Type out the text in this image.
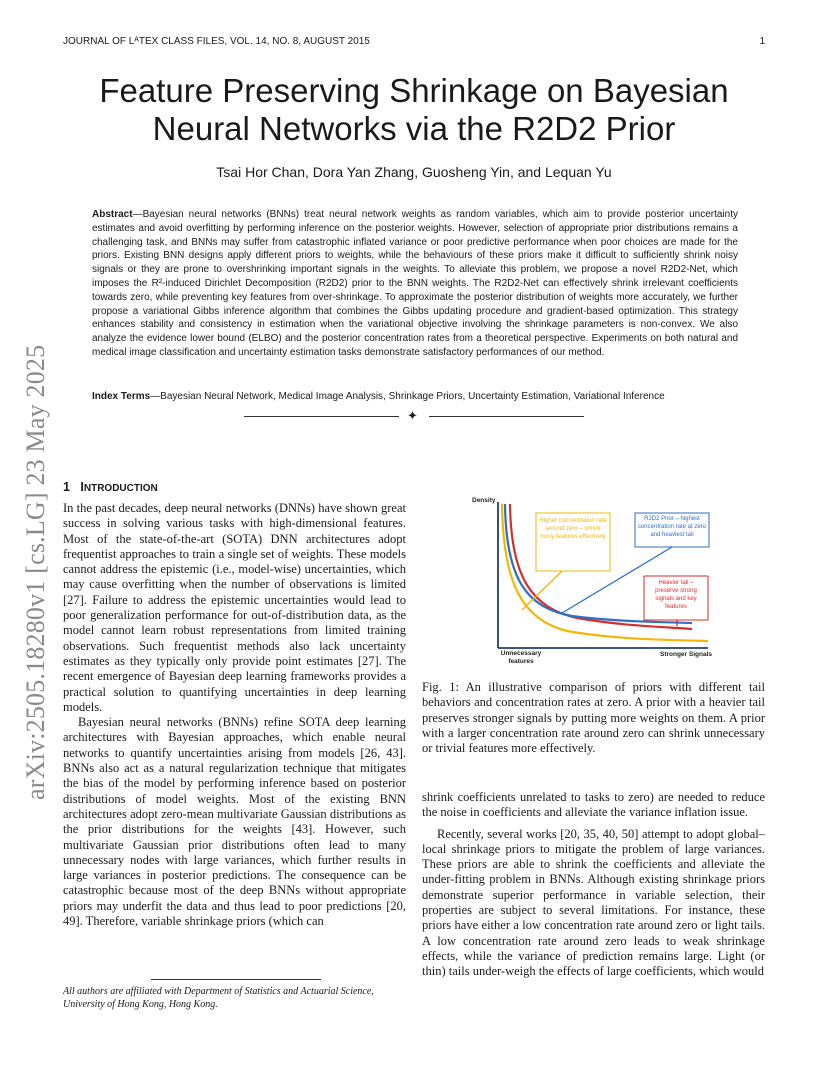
JOURNAL OF LᴬTEX CLASS FILES, VOL. 14, NO. 8, AUGUST 2015	1
arXiv:2505.18280v1 [cs.LG] 23 May 2025
Feature Preserving Shrinkage on Bayesian Neural Networks via the R2D2 Prior
Tsai Hor Chan, Dora Yan Zhang, Guosheng Yin, and Lequan Yu

Abstract—Bayesian neural networks (BNNs) treat neural network weights as random variables, which aim to provide posterior uncertainty estimates and avoid overfitting by performing inference on the posterior weights. However, selection of appropriate prior distributions remains a challenging task, and BNNs may suffer from catastrophic inflated variance or poor predictive performance when poor choices are made for the priors. Existing BNN designs apply different priors to weights, while the behaviours of these priors make it difficult to sufficiently shrink noisy signals or they are prone to overshrinking important signals in the weights. To alleviate this problem, we propose a novel R2D2-Net, which imposes the R²-induced Dirichlet Decomposition (R2D2) prior to the BNN weights. The R2D2-Net can effectively shrink irrelevant coefficients towards zero, while preventing key features from over-shrinkage. To approximate the posterior distribution of weights more accurately, we further propose a variational Gibbs inference algorithm that combines the Gibbs updating procedure and gradient-based optimization. This strategy enhances stability and consistency in estimation when the variational objective involving the shrinkage parameters is non-convex. We also analyze the evidence lower bound (ELBO) and the posterior concentration rates from a theoretical perspective. Experiments on both natural and medical image classification and uncertainty estimation tasks demonstrate satisfactory performances of our method.

Index Terms—Bayesian Neural Network, Medical Image Analysis, Shrinkage Priors, Uncertainty Estimation, Variational Inference

✦
1 INTRODUCTION

In the past decades, deep neural networks (DNNs) have shown great success in solving various tasks with high-dimensional features. Most of the state-of-the-art (SOTA) DNN architectures adopt frequentist approaches to train a single set of weights. These models cannot address the epistemic (i.e., model-wise) uncertainties, which may cause overfitting when the number of observations is limited [27]. Failure to address the epistemic uncertainties would lead to poor generalization performance for out-of-distribution data, as the model cannot learn robust representations from limited training observations. Such frequentist methods also lack uncertainty estimates as they typically only provide point estimates [27]. The recent emergence of Bayesian deep learning frameworks provides a practical solution to quantifying uncertainties in deep learning models.

Bayesian neural networks (BNNs) refine SOTA deep learning architectures with Bayesian approaches, which enable neural networks to quantify uncertainties arising from models [26, 43]. BNNs also act as a natural regularization technique that mitigates the bias of the model by performing inference based on posterior distributions of model weights. Most of the existing BNN architectures adopt zero-mean multivariate Gaussian distributions as the prior distributions for the weights [43]. However, such multivariate Gaussian prior distributions often lead to many unnecessary nodes with large variances, which further results in large variances in posterior predictions. The consequence can be catastrophic because most of the deep BNNs without appropriate priors may underfit the data and thus lead to poor predictions [20, 49]. Therefore, variable shrinkage priors (which can

All authors are affiliated with Department of Statistics and Actuarial Science, University of Hong Kong, Hong Kong.

Density
Higher concentration rate around zero – shrink noisy features effectively
R2D2 Prior – highest concentration rate at zero and heaviest tail
Heavier tail – preserve strong signals and key features
Unnecessary features
Stronger Signals

Fig. 1: An illustrative comparison of priors with different tail behaviors and concentration rates at zero. A prior with a heavier tail preserves stronger signals by putting more weights on them. A prior with a larger concentration rate around zero can shrink unnecessary or trivial features more effectively.

shrink coefficients unrelated to tasks to zero) are needed to reduce the noise in coefficients and alleviate the variance inflation issue.

Recently, several works [20, 35, 40, 50] attempt to adopt global–local shrinkage priors to mitigate the problem of large variances. These priors are able to shrink the coefficients and alleviate the under-fitting problem in BNNs. Although existing shrinkage priors demonstrate superior performance in variable selection, their properties are subject to several limitations. For instance, these priors have either a low concentration rate around zero or light tails. A low concentration rate around zero leads to weak shrinkage effects, while the variance of prediction remains large. Light (or thin) tails under-weigh the effects of large coefficients, which would
